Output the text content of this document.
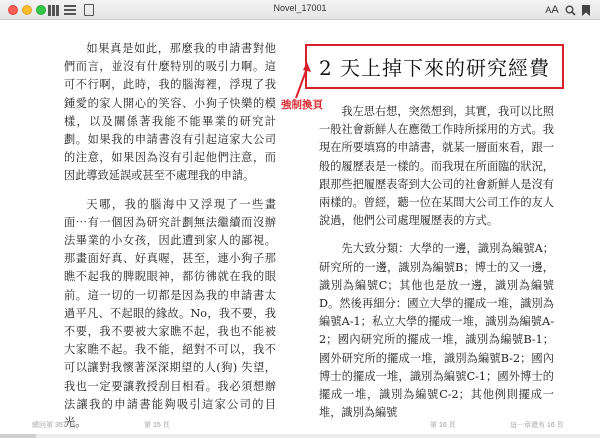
Novel_17001	A A

如果真是如此，那麼我的申請書對他們而言，並沒有什麼特別的吸引力啊。這可不行啊，此時，我的腦海裡，浮現了我鍾愛的家人開心的笑容、小狗子快樂的模樣，以及關係著我能不能畢業的研究計劃。如果我的申請書沒有引起這家大公司的注意，如果因為沒有引起他們注意，而因此導致延誤或甚至不處理我的申請。

天哪，我的腦海中又浮現了一些畫面⋯有一個因為研究計劃無法繼續而沒辦法畢業的小女孩，因此遭到家人的鄙視。那畫面好真、好真喔，甚至，連小狗子那瞧不起我的脾睨眼神，都彷彿就在我的眼前。這一切的一切都是因為我的申請書太過平凡、不起眼的緣故。No，我不要，我不要，我不要被大家瞧不起，我也不能被大家瞧不起。我不能，絕對不可以，我不可以讓對我懷著深深期望的人(狗) 失望，我也一定要讓教授刮目相看。我必須想辦法讓我的申請書能夠吸引這家公司的目光。

2 天上掉下來的研究經費
強制換頁	我左思右想，突然想到，其實，我可以比照一般社會新鮮人在應徵工作時所採用的方式。我現在所要填寫的申請書，就某一層面來看，跟一般的履歷表是一樣的。而我現在所面臨的狀況，跟那些把履歷表寄到大公司的社會新鮮人是沒有兩樣的。曾經，聽一位在某間大公司工作的友人說過，他們公司處理履歷表的方式。

先大致分類：大學的一邊，識別為編號A；研究所的一邊，識別為編號B；博士的又一邊，識別為編號C；其他也是放一邊，識別為編號D。然後再細分：國立大學的擺成一堆，識別為編號A-1；私立大學的擺成一堆，識別為編號A-2；國內研究所的擺成一堆，識別為編號B-1；國外研究所的擺成一堆，識別為編號B-2；國內博士的擺成一堆，識別為編號C-1；國外博士的擺成一堆，識別為編號C-2；其他例則擺成一堆，識別為編號

總回第 357 頁	第 15 頁	第 16 頁	這一章還有 16 頁
